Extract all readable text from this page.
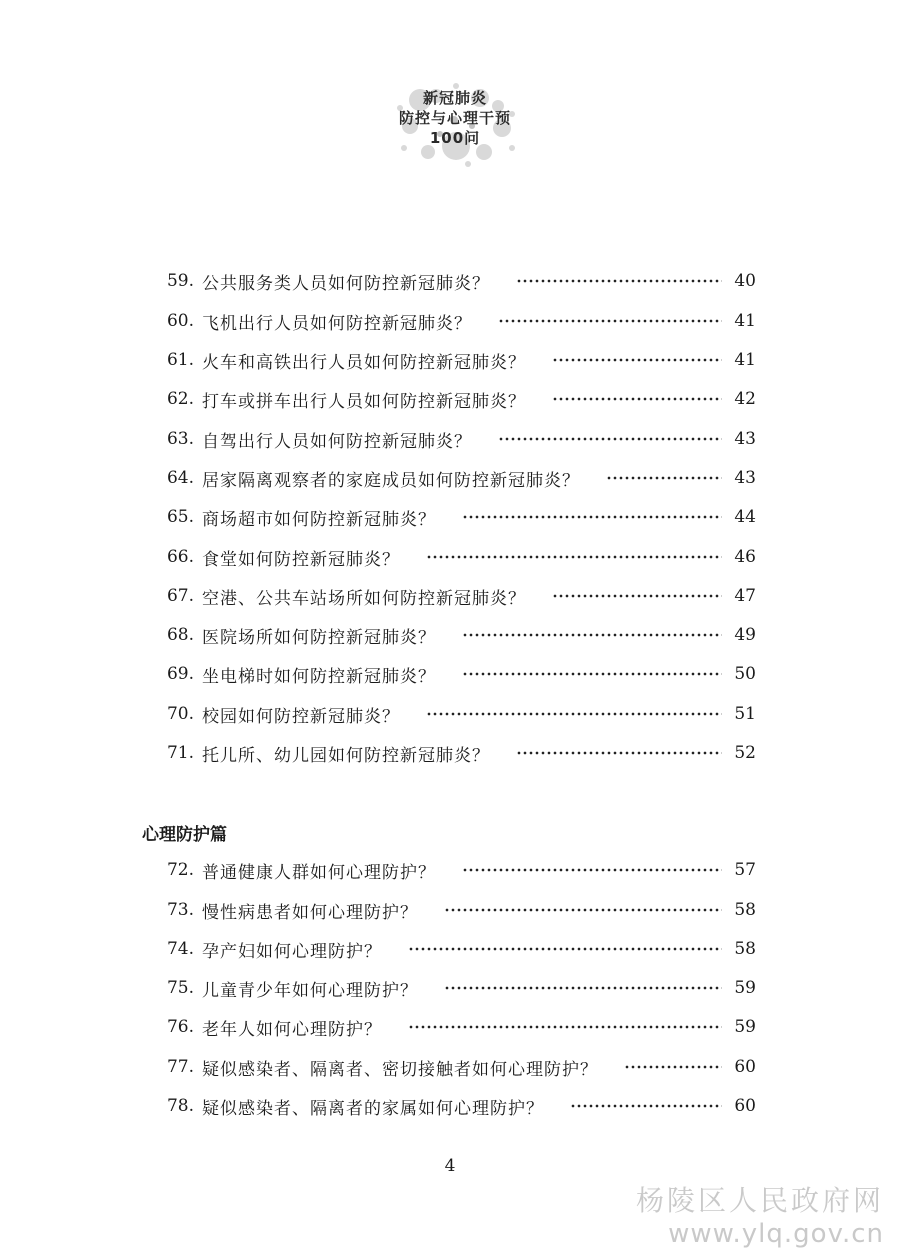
新冠肺炎
防控与心理干预
100问
59. 公共服务类人员如何防控新冠肺炎？	40
60. 飞机出行人员如何防控新冠肺炎？	41
61. 火车和高铁出行人员如何防控新冠肺炎？	41
62. 打车或拼车出行人员如何防控新冠肺炎？	42
63. 自驾出行人员如何防控新冠肺炎？	43
64. 居家隔离观察者的家庭成员如何防控新冠肺炎？	43
65. 商场超市如何防控新冠肺炎？	44
66. 食堂如何防控新冠肺炎？	46
67. 空港、公共车站场所如何防控新冠肺炎？	47
68. 医院场所如何防控新冠肺炎？	49
69. 坐电梯时如何防控新冠肺炎？	50
70. 校园如何防控新冠肺炎？	51
71. 托儿所、幼儿园如何防控新冠肺炎？	52
心理防护篇
72. 普通健康人群如何心理防护？	57
73. 慢性病患者如何心理防护？	58
74. 孕产妇如何心理防护？	58
75. 儿童青少年如何心理防护？	59
76. 老年人如何心理防护？	59
77. 疑似感染者、隔离者、密切接触者如何心理防护？	60
78. 疑似感染者、隔离者的家属如何心理防护？	60
4
杨陵区人民政府网
www.ylq.gov.cn
